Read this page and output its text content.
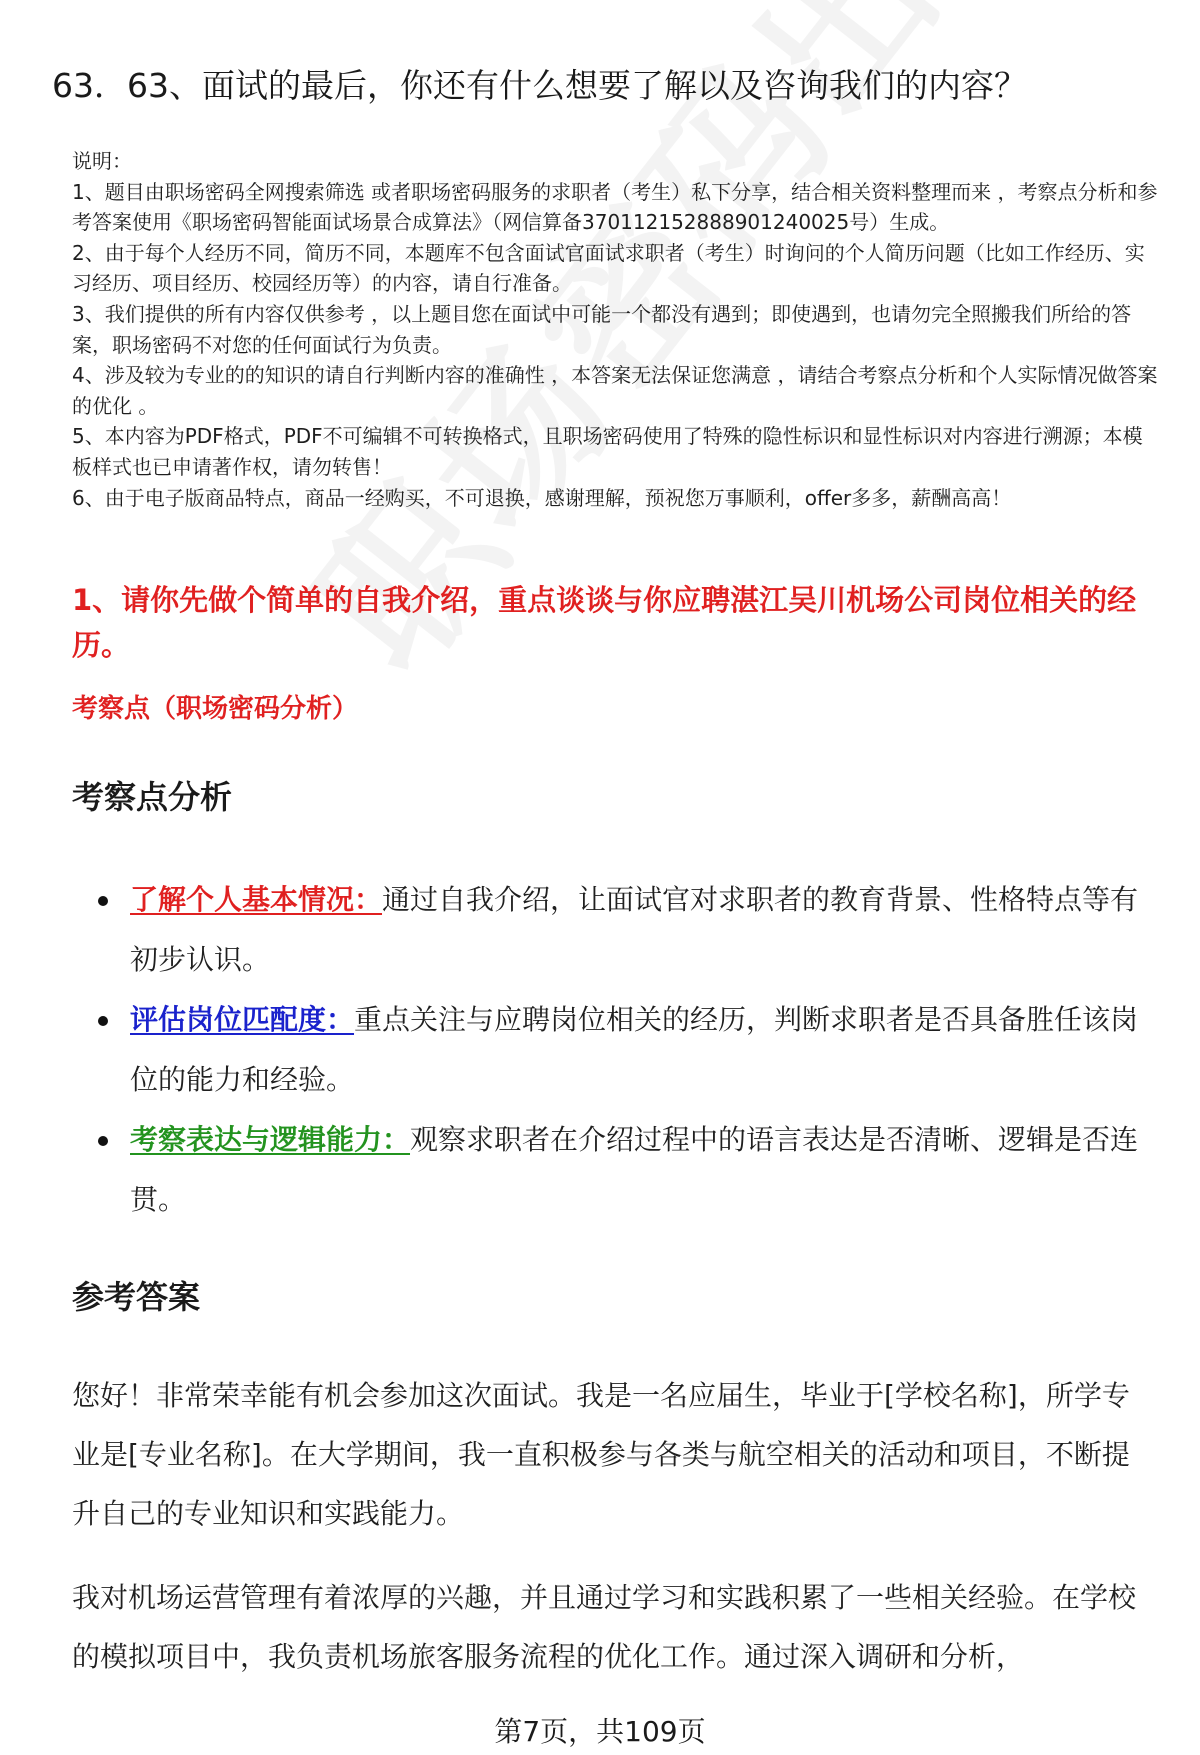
63．63、面试的最后，你还有什么想要了解以及咨询我们的内容？

说明：

1、题目由职场密码全网搜索筛选 或者职场密码服务的求职者（考生）私下分享，结合相关资料整理而来 ，考察点分析和参考答案使用《职场密码智能面试场景合成算法》（网信算备370112152888901240025号）生成。

2、由于每个人经历不同，简历不同，本题库不包含面试官面试求职者（考生）时询问的个人简历问题（比如工作经历、实习经历、项目经历、校园经历等）的内容，请自行准备。

3、我们提供的所有内容仅供参考 ，以上题目您在面试中可能一个都没有遇到；即使遇到，也请勿完全照搬我们所给的答案，职场密码不对您的任何面试行为负责。

4、涉及较为专业的的知识的请自行判断内容的准确性 ，本答案无法保证您满意 ，请结合考察点分析和个人实际情况做答案的优化 。

5、本内容为PDF格式，PDF不可编辑不可转换格式，且职场密码使用了特殊的隐性标识和显性标识对内容进行溯源；本模板样式也已申请著作权，请勿转售！

6、由于电子版商品特点，商品一经购买，不可退换，感谢理解，预祝您万事顺利，offer多多，薪酬高高！

1、请你先做个简单的自我介绍，重点谈谈与你应聘湛江吴川机场公司岗位相关的经历。
考察点（职场密码分析）
考察点分析
了解个人基本情况：通过自我介绍，让面试官对求职者的教育背景、性格特点等有初步认识。
评估岗位匹配度：重点关注与应聘岗位相关的经历，判断求职者是否具备胜任该岗位的能力和经验。
考察表达与逻辑能力：观察求职者在介绍过程中的语言表达是否清晰、逻辑是否连贯。
参考答案

您好！非常荣幸能有机会参加这次面试。我是一名应届生，毕业于[学校名称]，所学专业是[专业名称]。在大学期间，我一直积极参与各类与航空相关的活动和项目，不断提升自己的专业知识和实践能力。

我对机场运营管理有着浓厚的兴趣，并且通过学习和实践积累了一些相关经验。在学校的模拟项目中，我负责机场旅客服务流程的优化工作。通过深入调研和分析，

第7页，共109页
